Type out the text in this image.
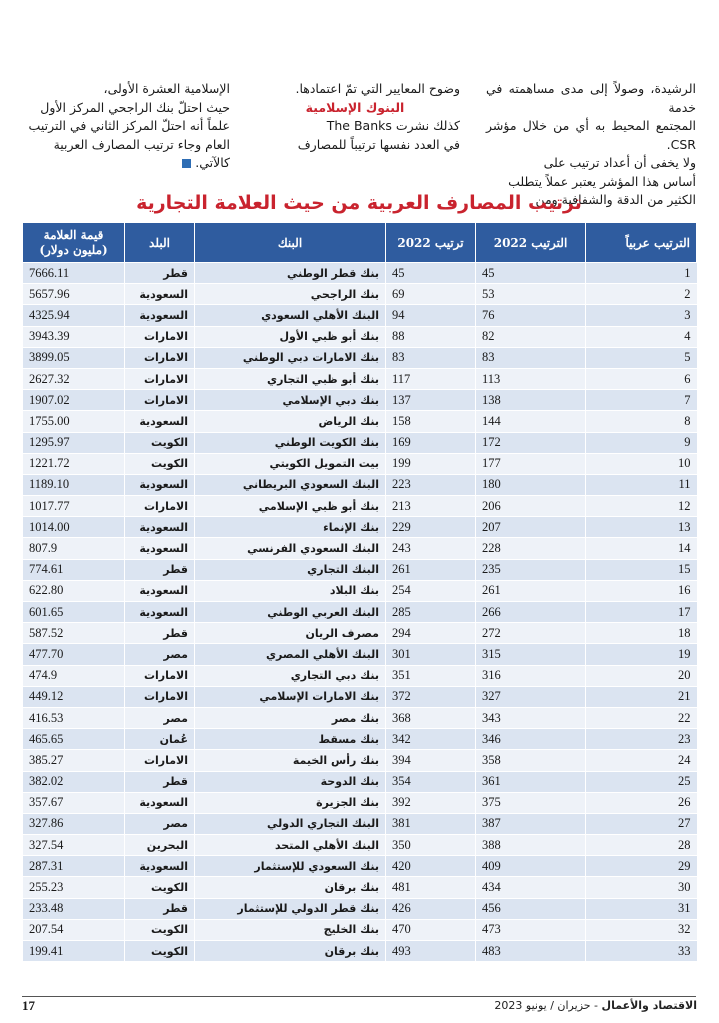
الرشيدة، وصولاً إلى مدى مساهمته في خدمة

المجتمع المحيط به أي من خلال مؤشر CSR.

ولا يخفى أن أعداد ترتيب على

أساس هذا المؤشر يعتبر عملاً يتطلب

الكثير من الدقة والشفافية ومن

وضوح المعايير التي تمّ اعتمادها.

البنوك الإسلامية

كذلك نشرت The Banks

في العدد نفسها ترتيباً للمصارف

الإسلامية العشرة الأولى،

حيث احتلّ بنك الراجحي المركز الأول

علماً أنه احتلّ المركز الثاني في الترتيب

العام وجاء ترتيب المصارف العربية

كالآتي.

ترتيب المصارف العربية من حيث العلامة التجارية
الترتيب عربياً	الترتيب 2022	ترتيب 2022	البنك	البلد	قيمة العلامة (مليون دولار)
1	45	45	بنك قطر الوطني	قطر	7666.11
2	53	69	بنك الراجحي	السعودية	5657.96
3	76	94	البنك الأهلي السعودي	السعودية	4325.94
4	82	88	بنك أبو ظبي الأول	الامارات	3943.39
5	83	83	بنك الامارات دبي الوطني	الامارات	3899.05
6	113	117	بنك أبو ظبي التجاري	الامارات	2627.32
7	138	137	بنك دبي الإسلامي	الامارات	1907.02
8	144	158	بنك الرياض	السعودية	1755.00
9	172	169	بنك الكويت الوطني	الكويت	1295.97
10	177	199	بيت التمويل الكويتي	الكويت	1221.72
11	180	223	البنك السعودي البريطاني	السعودية	1189.10
12	206	213	بنك أبو ظبي الإسلامي	الامارات	1017.77
13	207	229	بنك الإنماء	السعودية	1014.00
14	228	243	البنك السعودي الفرنسي	السعودية	807.9
15	235	261	البنك التجاري	قطر	774.61
16	261	254	بنك البلاد	السعودية	622.80
17	266	285	البنك العربي الوطني	السعودية	601.65
18	272	294	مصرف الريان	قطر	587.52
19	315	301	البنك الأهلي المصري	مصر	477.70
20	316	351	بنك دبي التجاري	الامارات	474.9
21	327	372	بنك الامارات الإسلامي	الامارات	449.12
22	343	368	بنك مصر	مصر	416.53
23	346	342	بنك مسقط	عُمان	465.65
24	358	394	بنك رأس الخيمة	الامارات	385.27
25	361	354	بنك الدوحة	قطر	382.02
26	375	392	بنك الجزيرة	السعودية	357.67
27	387	381	البنك التجاري الدولي	مصر	327.86
28	388	350	البنك الأهلي المتحد	البحرين	327.54
29	409	420	بنك السعودي للإستثمار	السعودية	287.31
30	434	481	بنك برقان	الكويت	255.23
31	456	426	بنك قطر الدولي للإستثمار	قطر	233.48
32	473	470	بنك الخليج	الكويت	207.54
33	483	493	بنك برقان	الكويت	199.41
17	الاقتصاد والأعمال - حزيران / يونيو 2023
